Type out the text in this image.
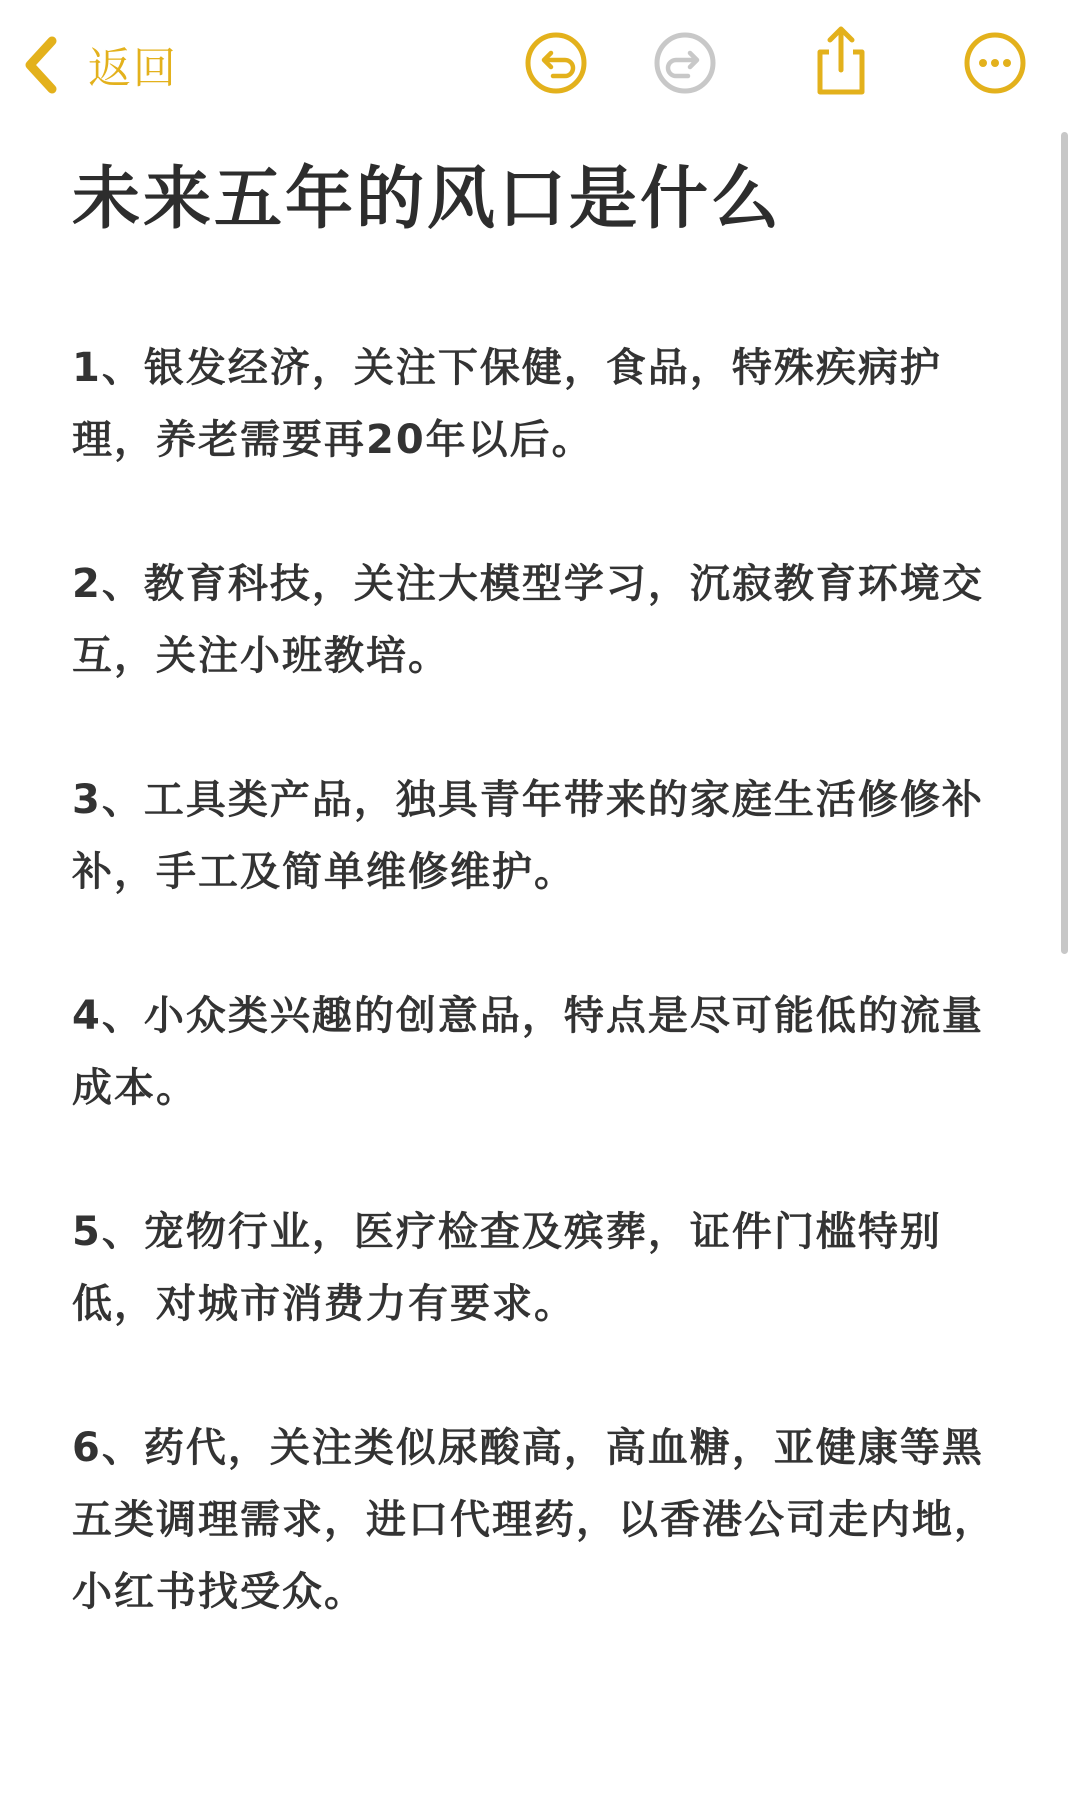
返回
未来五年的风口是什么

1、银发经济，关注下保健，食品，特殊疾病护理，养老需要再20年以后。

2、教育科技，关注大模型学习，沉寂教育环境交互，关注小班教培。

3、工具类产品，独具青年带来的家庭生活修修补补，手工及简单维修维护。

4、小众类兴趣的创意品，特点是尽可能低的流量成本。

5、宠物行业，医疗检查及殡葬，证件门槛特别低，对城市消费力有要求。

6、药代，关注类似尿酸高，高血糖，亚健康等黑五类调理需求，进口代理药，以香港公司走内地，小红书找受众。
